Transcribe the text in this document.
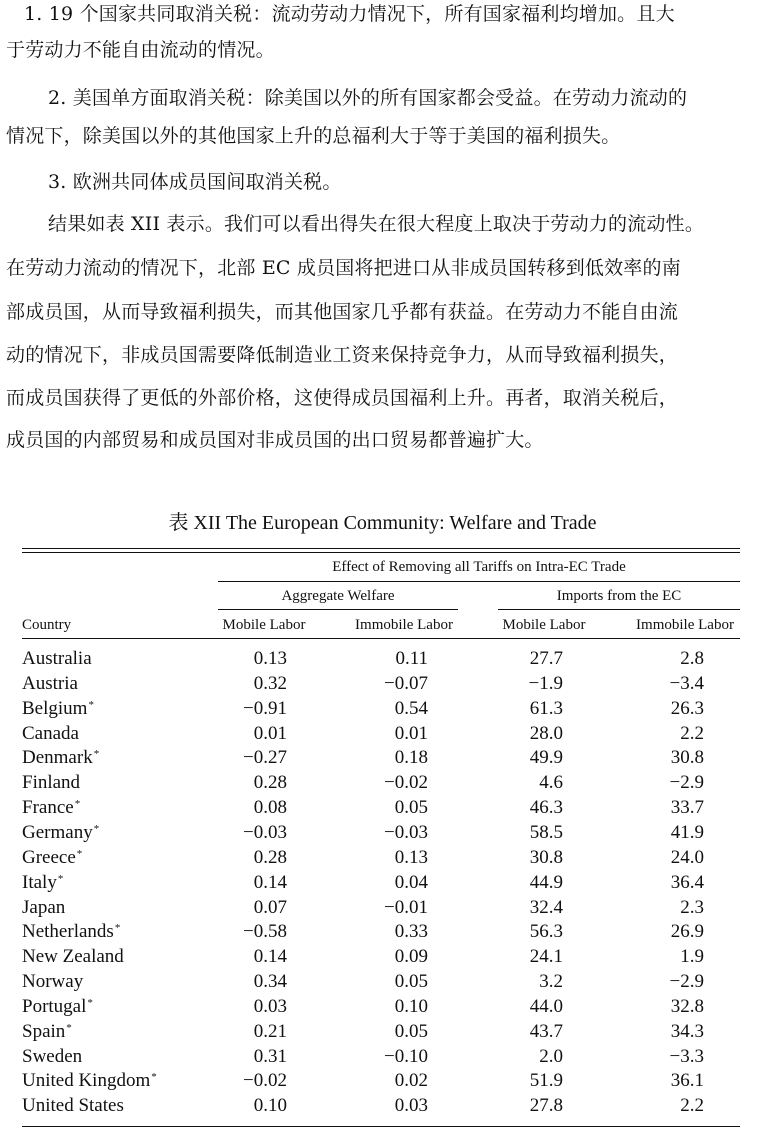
1. 19 个国家共同取消关税：流动劳动力情况下，所有国家福利均增加。且大
于劳动力不能自由流动的情况。
2. 美国单方面取消关税：除美国以外的所有国家都会受益。在劳动力流动的
情况下，除美国以外的其他国家上升的总福利大于等于美国的福利损失。
3. 欧洲共同体成员国间取消关税。
结果如表 XII 表示。我们可以看出得失在很大程度上取决于劳动力的流动性。
在劳动力流动的情况下，北部 EC 成员国将把进口从非成员国转移到低效率的南
部成员国，从而导致福利损失，而其他国家几乎都有获益。在劳动力不能自由流
动的情况下，非成员国需要降低制造业工资来保持竞争力，从而导致福利损失，
而成员国获得了更低的外部价格，这使得成员国福利上升。再者，取消关税后，
成员国的内部贸易和成员国对非成员国的出口贸易都普遍扩大。
表 XII The European Community: Welfare and Trade
Effect of Removing all Tariffs on Intra-EC Trade
Aggregate Welfare	Imports from the EC
Country	Mobile Labor	Immobile Labor	Mobile Labor	Immobile Labor
Australia	0.13	0.11	27.7	2.8
Austria	0.32	−0.07	−1.9	−3.4
Belgium*	−0.91	0.54	61.3	26.3
Canada	0.01	0.01	28.0	2.2
Denmark*	−0.27	0.18	49.9	30.8
Finland	0.28	−0.02	4.6	−2.9
France*	0.08	0.05	46.3	33.7
Germany*	−0.03	−0.03	58.5	41.9
Greece*	0.28	0.13	30.8	24.0
Italy*	0.14	0.04	44.9	36.4
Japan	0.07	−0.01	32.4	2.3
Netherlands*	−0.58	0.33	56.3	26.9
New Zealand	0.14	0.09	24.1	1.9
Norway	0.34	0.05	3.2	−2.9
Portugal*	0.03	0.10	44.0	32.8
Spain*	0.21	0.05	43.7	34.3
Sweden	0.31	−0.10	2.0	−3.3
United Kingdom*	−0.02	0.02	51.9	36.1
United States	0.10	0.03	27.8	2.2
